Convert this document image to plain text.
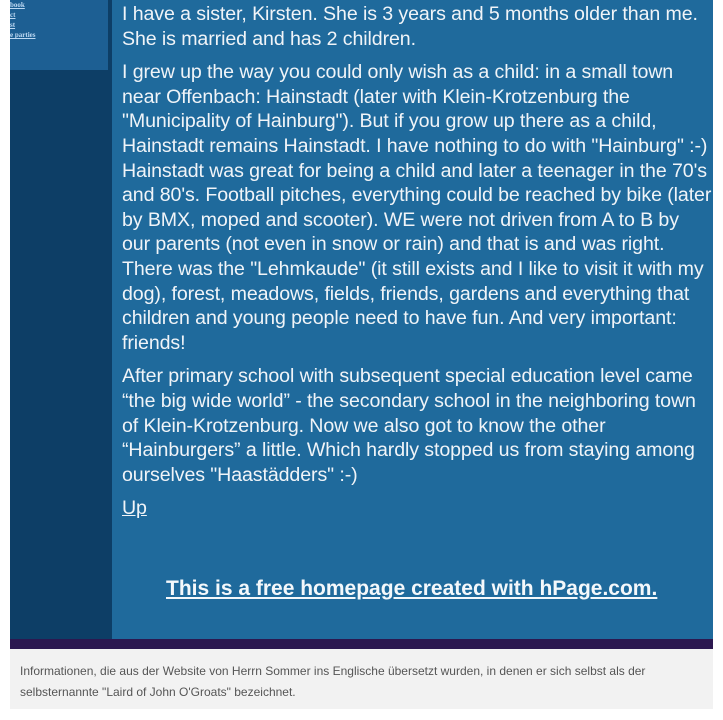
book
ct
st
e parties

I have a sister, Kirsten. She is 3 years and 5 months older than me. She is married and has 2 children.

I grew up the way you could only wish as a child: in a small town near Offenbach: Hainstadt (later with Klein-Krotzenburg the "Municipality of Hainburg"). But if you grow up there as a child, Hainstadt remains Hainstadt. I have nothing to do with "Hainburg" :-) Hainstadt was great for being a child and later a teenager in the 70's and 80's. Football pitches, everything could be reached by bike (later by BMX, moped and scooter). WE were not driven from A to B by our parents (not even in snow or rain) and that is and was right. There was the "Lehmkaude" (it still exists and I like to visit it with my dog), forest, meadows, fields, friends, gardens and everything that children and young people need to have fun. And very important: friends!

After primary school with subsequent special education level came “the big wide world” - the secondary school in the neighboring town of Klein-Krotzenburg. Now we also got to know the other “Hainburgers” a little. Which hardly stopped us from staying among ourselves "Haastädders" :-)

Up
This is a free homepage created with hPage.com.

Informationen, die aus der Website von Herrn Sommer ins Englische übersetzt wurden, in denen er sich selbst als der selbsternannte "Laird of John O'Groats" bezeichnet.
